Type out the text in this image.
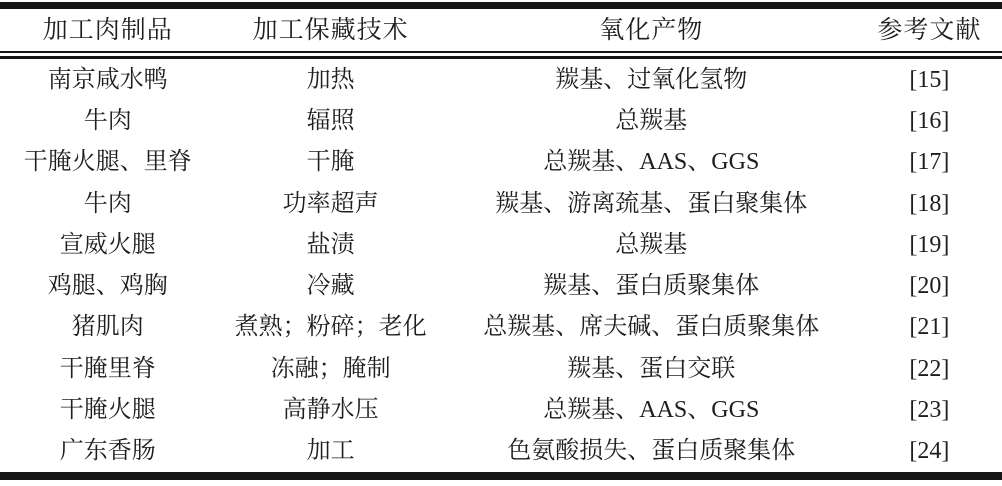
加工肉制品	加工保藏技术	氧化产物	参考文献
南京咸水鸭	加热	羰基、过氧化氢物	[15]
牛肉	辐照	总羰基	[16]
干腌火腿、里脊	干腌	总羰基、AAS、GGS	[17]
牛肉	功率超声	羰基、游离巯基、蛋白聚集体	[18]
宣威火腿	盐渍	总羰基	[19]
鸡腿、鸡胸	冷藏	羰基、蛋白质聚集体	[20]
猪肌肉	煮熟；粉碎；老化	总羰基、席夫碱、蛋白质聚集体	[21]
干腌里脊	冻融；腌制	羰基、蛋白交联	[22]
干腌火腿	高静水压	总羰基、AAS、GGS	[23]
广东香肠	加工	色氨酸损失、蛋白质聚集体	[24]
